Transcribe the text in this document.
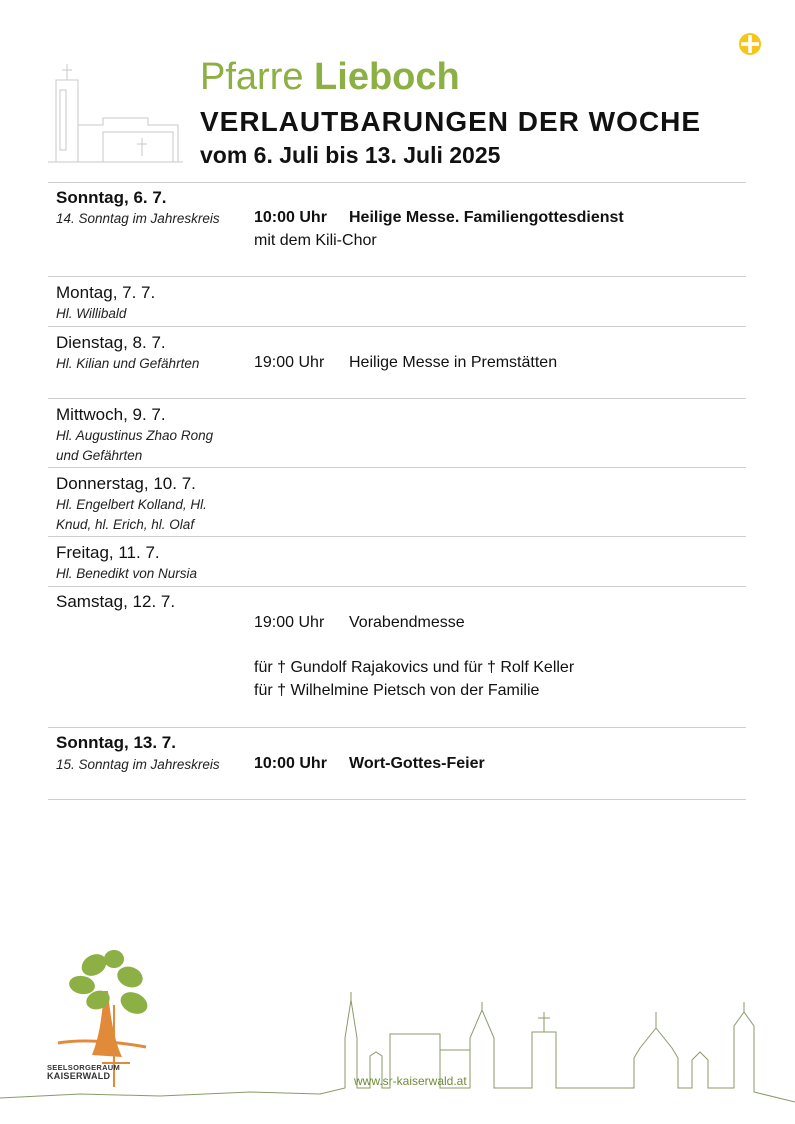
Pfarre Lieboch
VERLAUTBARUNGEN DER WOCHE
vom 6. Juli bis 13. Juli 2025
Sonntag, 6. 7.
14. Sonntag im Jahreskreis 10:00 Uhr Heilige Messe. Familiengottesdienst
mit dem Kili-Chor
Montag, 7. 7.
Hl. Willibald
Dienstag, 8. 7.
Hl. Kilian und Gefährten	19:00 Uhr Heilige Messe in Premstätten
Mittwoch, 9. 7.
Hl. Augustinus Zhao Rong
und Gefährten
Donnerstag, 10. 7.
Hl. Engelbert Kolland, Hl.
Knud, hl. Erich, hl. Olaf
Freitag, 11. 7.
Hl. Benedikt von Nursia
Samstag, 12. 7.
19:00 Uhr Vorabendmesse
für † Gundolf Rajakovics und für † Rolf Keller
für † Wilhelmine Pietsch von der Familie
Sonntag, 13. 7.
15. Sonntag im Jahreskreis 10:00 Uhr Wort-Gottes-Feier
SEELSORGERAUM
KAISERWALD	www.sr-kaiserwald.at
